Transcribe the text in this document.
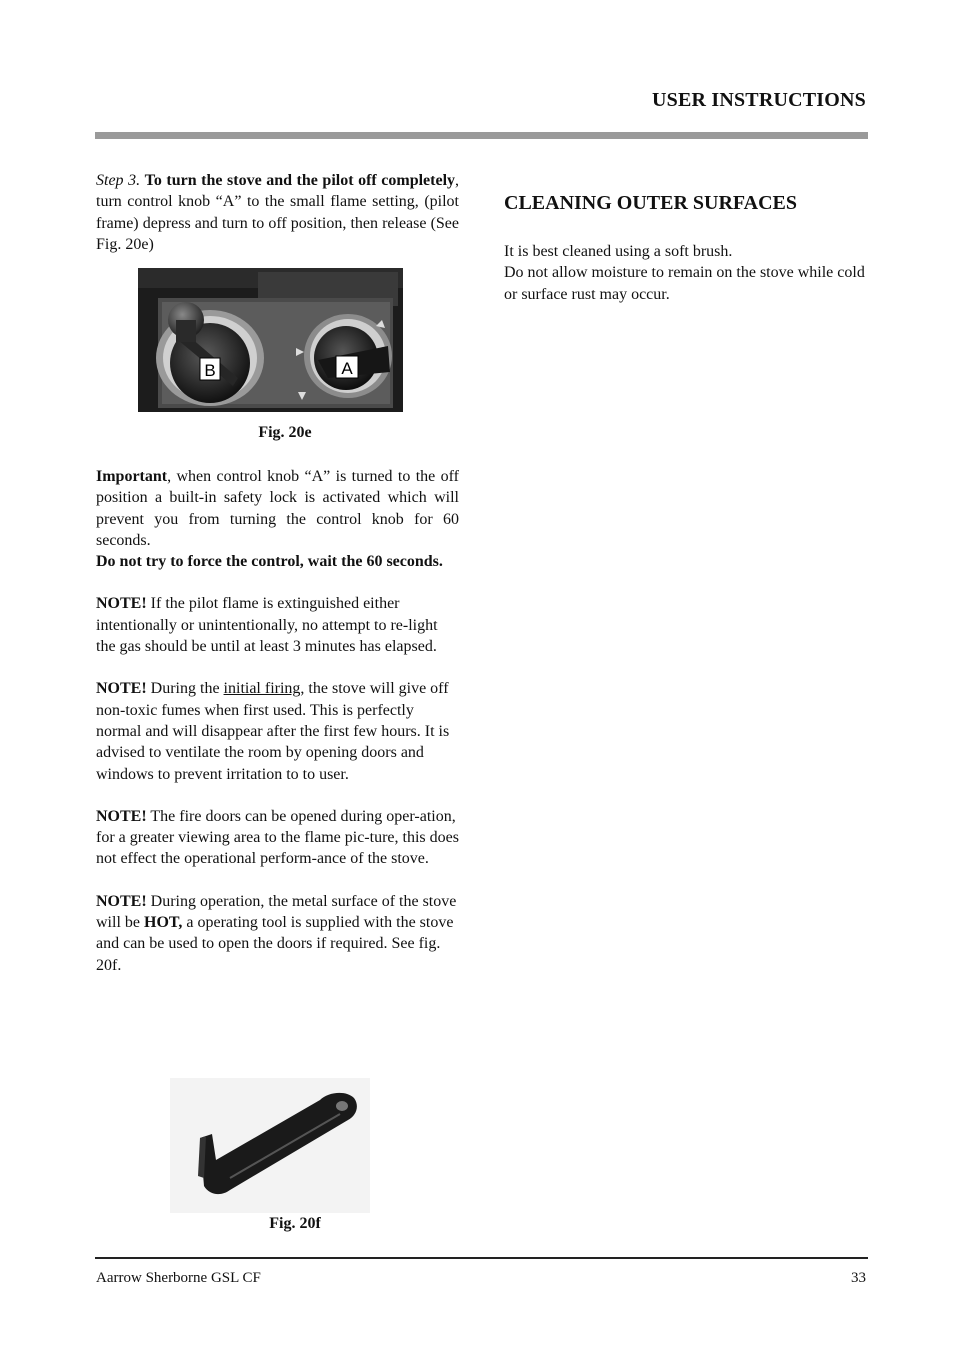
USER INSTRUCTIONS

Step 3. To turn the stove and the pilot off completely, turn control knob “A” to the small flame setting, (pilot frame) depress and turn to off position, then release (See Fig. 20e)

B	A
Fig. 20e

Important, when control knob “A” is turned to the off position a built-in safety lock is activated which will prevent you from turning the control knob for 60 seconds.

Do not try to force the control, wait the 60 seconds.

NOTE! If the pilot flame is extinguished either intentionally or unintentionally, no attempt to re-light the gas should be until at least 3 minutes has elapsed.

NOTE! During the initial firing, the stove will give off non-toxic fumes when first used. This is perfectly normal and will disappear after the first few hours. It is advised to ventilate the room by opening doors and windows to prevent irritation to to user.

NOTE! The fire doors can be opened during oper-ation, for a greater viewing area to the flame pic-ture, this does not effect the operational perform-ance of the stove.

NOTE! During operation, the metal surface of the stove will be HOT, a operating tool is supplied with the stove and can be used to open the doors if required. See fig. 20f.

Fig. 20f
CLEANING OUTER SURFACES

It is best cleaned using a soft brush.

Do not allow moisture to remain on the stove while cold or surface rust may occur.

Aarrow Sherborne GSL CF	33
